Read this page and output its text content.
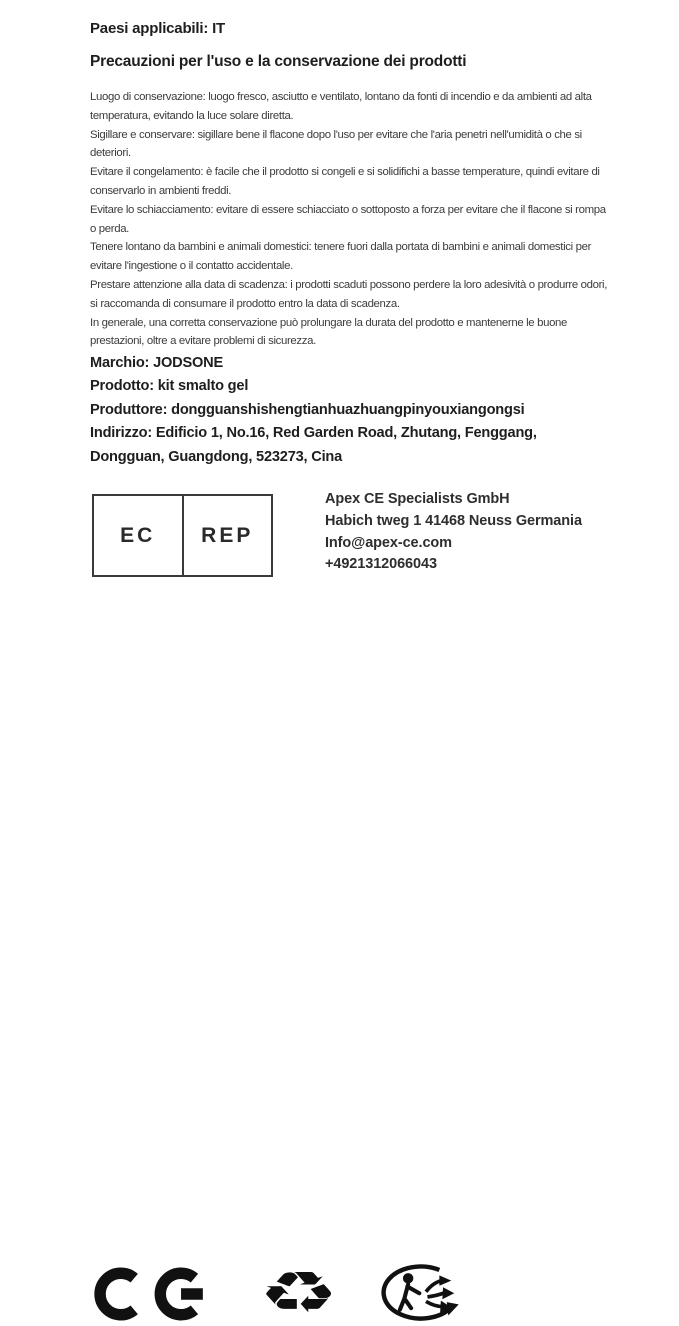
Paesi applicabili: IT
Precauzioni per l'uso e la conservazione dei prodotti

Luogo di conservazione: luogo fresco, asciutto e ventilato, lontano da fonti di incendio e da ambienti ad alta temperatura, evitando la luce solare diretta.

Sigillare e conservare: sigillare bene il flacone dopo l'uso per evitare che l'aria penetri nell'umidità o che si deteriori.

Evitare il congelamento: è facile che il prodotto si congeli e si solidifichi a basse temperature, quindi evitare di conservarlo in ambienti freddi.

Evitare lo schiacciamento: evitare di essere schiacciato o sottoposto a forza per evitare che il flacone si rompa o perda.

Tenere lontano da bambini e animali domestici: tenere fuori dalla portata di bambini e animali domestici per evitare l'ingestione o il contatto accidentale.

Prestare attenzione alla data di scadenza: i prodotti scaduti possono perdere la loro adesività o produrre odori, si raccomanda di consumare il prodotto entro la data di scadenza.

In generale, una corretta conservazione può prolungare la durata del prodotto e mantenerne le buone prestazioni, oltre a evitare problemi di sicurezza.

Marchio: JODSONE
Prodotto: kit smalto gel
Produttore: dongguanshishengtianhuazhuangpinyouxiangongsi
Indirizzo: Edificio 1, No.16, Red Garden Road, Zhutang, Fenggang, Dongguan, Guangdong, 523273, Cina
EC	REP
Apex CE Specialists GmbH
Habich tweg 1 41468 Neuss Germania
Info@apex-ce.com
+4921312066043
♻
